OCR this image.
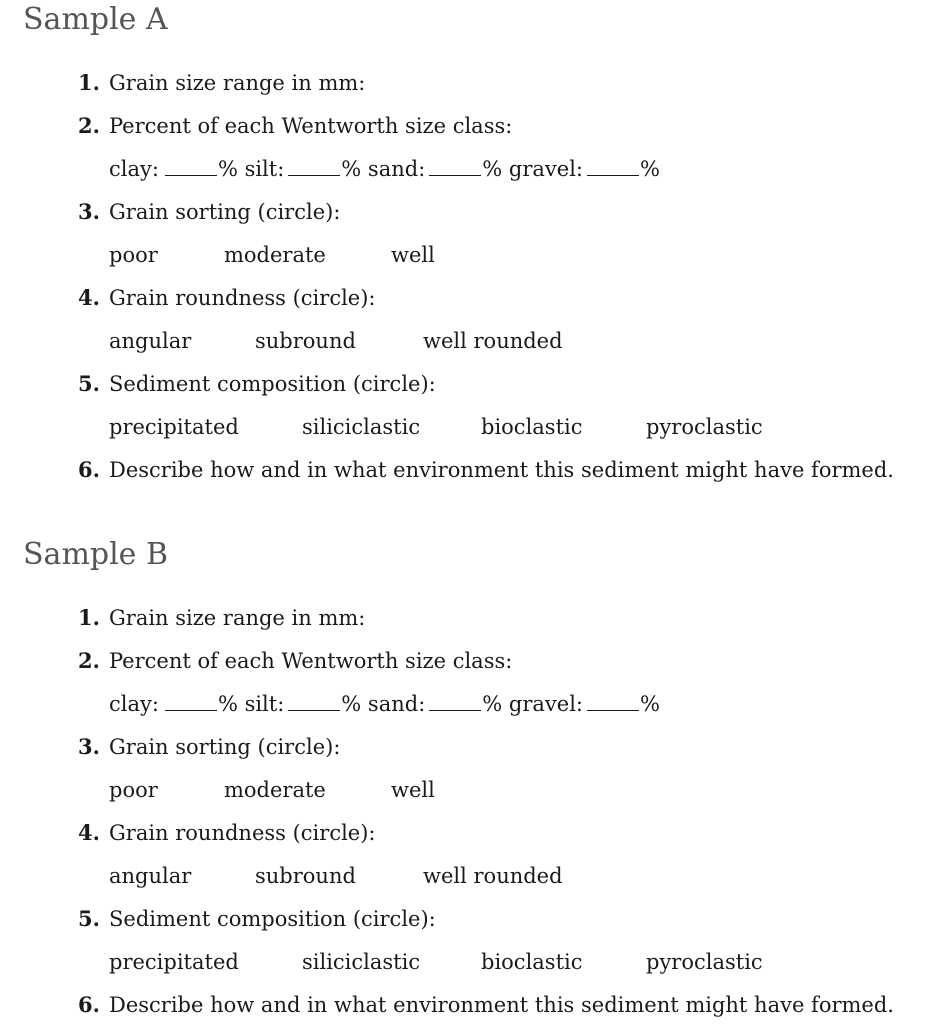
Sample A
1. Grain size range in mm:
2. Percent of each Wentworth size class:
clay:	% silt:	% sand:	% gravel:	%
3. Grain sorting (circle):
poor	moderate	well
4. Grain roundness (circle):
angular	subround	well rounded
5. Sediment composition (circle):
precipitated	siliciclastic	bioclastic	pyroclastic
6. Describe how and in what environment this sediment might have formed.
Sample B
1. Grain size range in mm:
2. Percent of each Wentworth size class:
clay:	% silt:	% sand:	% gravel:	%
3. Grain sorting (circle):
poor	moderate	well
4. Grain roundness (circle):
angular	subround	well rounded
5. Sediment composition (circle):
precipitated	siliciclastic	bioclastic	pyroclastic
6. Describe how and in what environment this sediment might have formed.
